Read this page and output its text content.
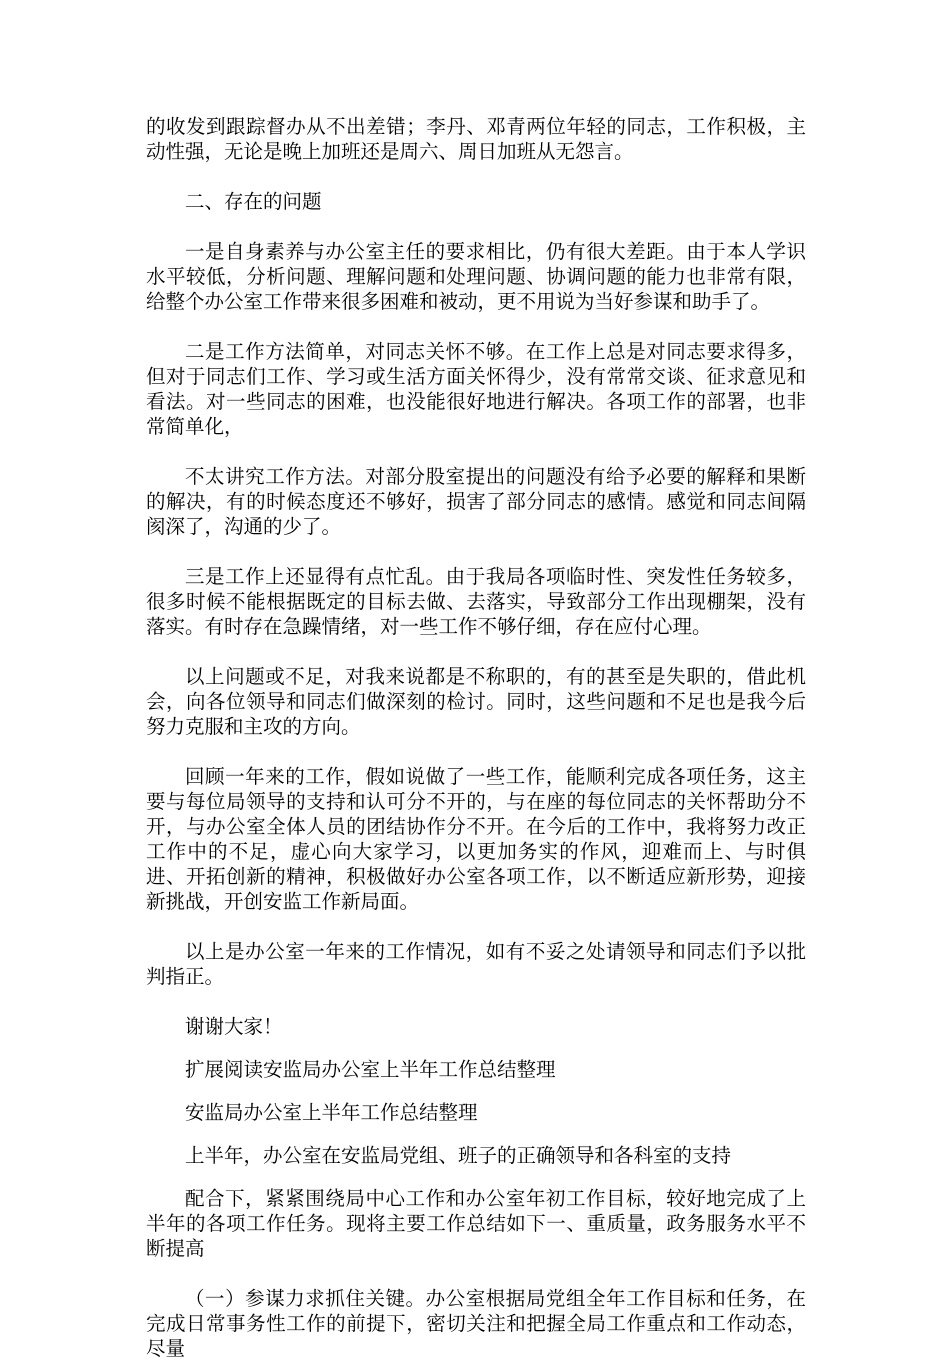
的收发到跟踪督办从不出差错；李丹、邓青两位年轻的同志，工作积极，主动性强，无论是晚上加班还是周六、周日加班从无怨言。

二、存在的问题

一是自身素养与办公室主任的要求相比，仍有很大差距。由于本人学识水平较低，分析问题、理解问题和处理问题、协调问题的能力也非常有限，给整个办公室工作带来很多困难和被动，更不用说为当好参谋和助手了。

二是工作方法简单，对同志关怀不够。在工作上总是对同志要求得多，但对于同志们工作、学习或生活方面关怀得少，没有常常交谈、征求意见和看法。对一些同志的困难，也没能很好地进行解决。各项工作的部署，也非常简单化，

不太讲究工作方法。对部分股室提出的问题没有给予必要的解释和果断的解决，有的时候态度还不够好，损害了部分同志的感情。感觉和同志间隔阂深了，沟通的少了。

三是工作上还显得有点忙乱。由于我局各项临时性、突发性任务较多，很多时候不能根据既定的目标去做、去落实，导致部分工作出现棚架，没有落实。有时存在急躁情绪，对一些工作不够仔细，存在应付心理。

以上问题或不足，对我来说都是不称职的，有的甚至是失职的，借此机会，向各位领导和同志们做深刻的检讨。同时，这些问题和不足也是我今后努力克服和主攻的方向。

回顾一年来的工作，假如说做了一些工作，能顺利完成各项任务，这主要与每位局领导的支持和认可分不开的，与在座的每位同志的关怀帮助分不开，与办公室全体人员的团结协作分不开。在今后的工作中，我将努力改正工作中的不足，虚心向大家学习，以更加务实的作风，迎难而上、与时俱进、开拓创新的精神，积极做好办公室各项工作，以不断适应新形势，迎接新挑战，开创安监工作新局面。

以上是办公室一年来的工作情况，如有不妥之处请领导和同志们予以批判指正。

谢谢大家！

扩展阅读安监局办公室上半年工作总结整理

安监局办公室上半年工作总结整理

上半年，办公室在安监局党组、班子的正确领导和各科室的支持

配合下，紧紧围绕局中心工作和办公室年初工作目标，较好地完成了上半年的各项工作任务。现将主要工作总结如下一、重质量，政务服务水平不断提高

（一）参谋力求抓住关键。办公室根据局党组全年工作目标和任务，在完成日常事务性工作的前提下，密切关注和把握全局工作重点和工作动态，尽量
